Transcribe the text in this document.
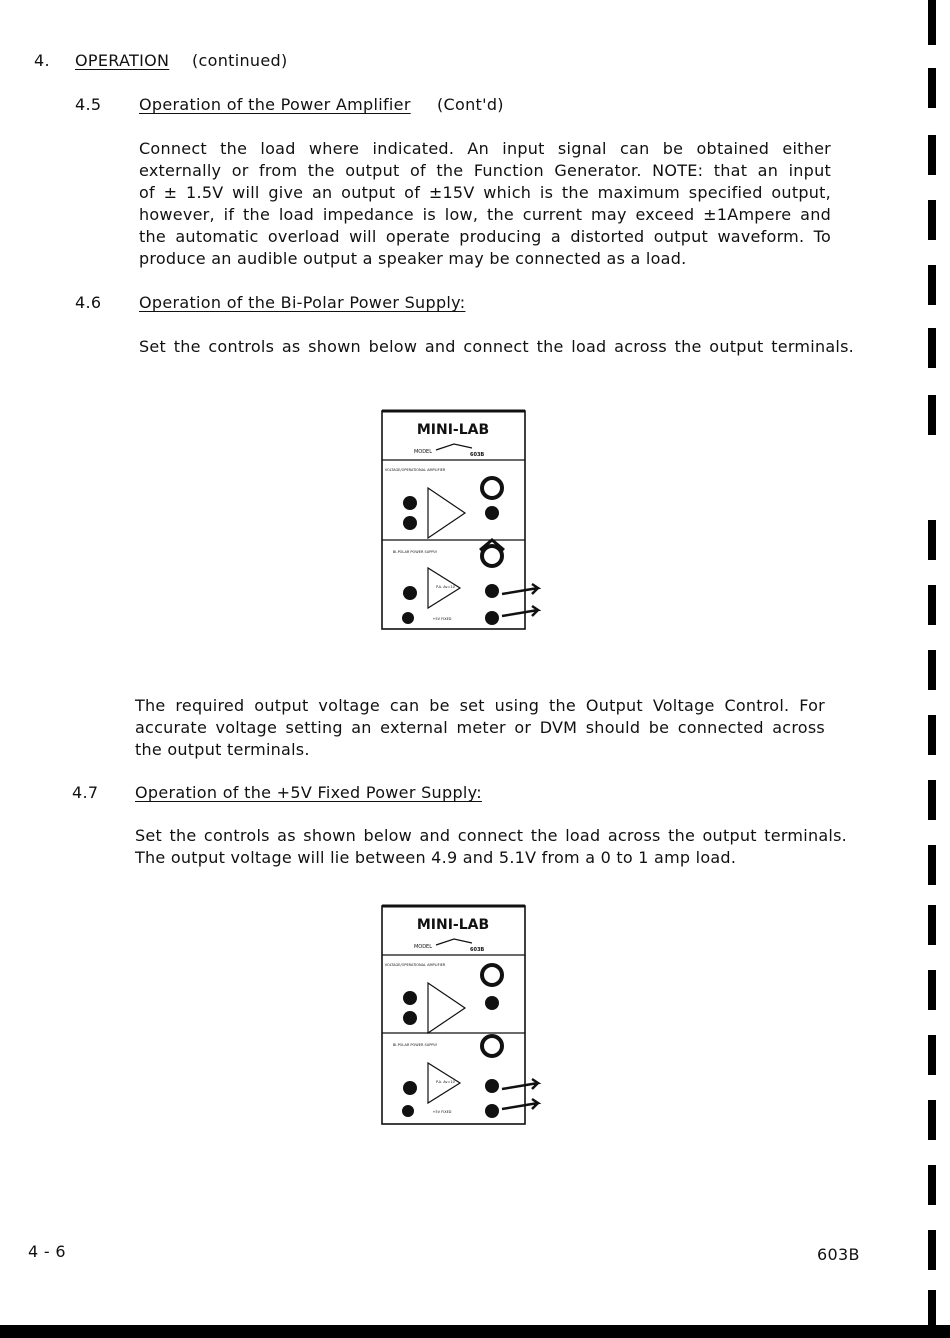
4. OPERATION (continued)
4.5 Operation of the Power Amplifier (Cont'd)
Connect the load where indicated. An input signal can be obtained either
externally or from the output of the Function Generator. NOTE: that an input
of ± 1.5V will give an output of ±15V which is the maximum specified output,
however, if the load impedance is low, the current may exceed ±1Ampere and
the automatic overload will operate producing a distorted output waveform. To
produce an audible output a speaker may be connected as a load.
4.6 Operation of the Bi-Polar Power Supply:
Set the controls as shown below and connect the load across the output terminals.
MINI-LAB
MODEL	603B
VOLTAGE/OPERATIONAL AMPLIFIER
BI-POLAR POWER SUPPLY
P.A. Av=10
+5V FIXED
The required output voltage can be set using the Output Voltage Control. For
accurate voltage setting an external meter or DVM should be connected across
the output terminals.
4.7 Operation of the +5V Fixed Power Supply:
Set the controls as shown below and connect the load across the output terminals.
The output voltage will lie between 4.9 and 5.1V from a 0 to 1 amp load.
MINI-LAB
MODEL	603B
VOLTAGE/OPERATIONAL AMPLIFIER
BI-POLAR POWER SUPPLY
P.A. Av=10
+5V FIXED
4 - 6	603B
